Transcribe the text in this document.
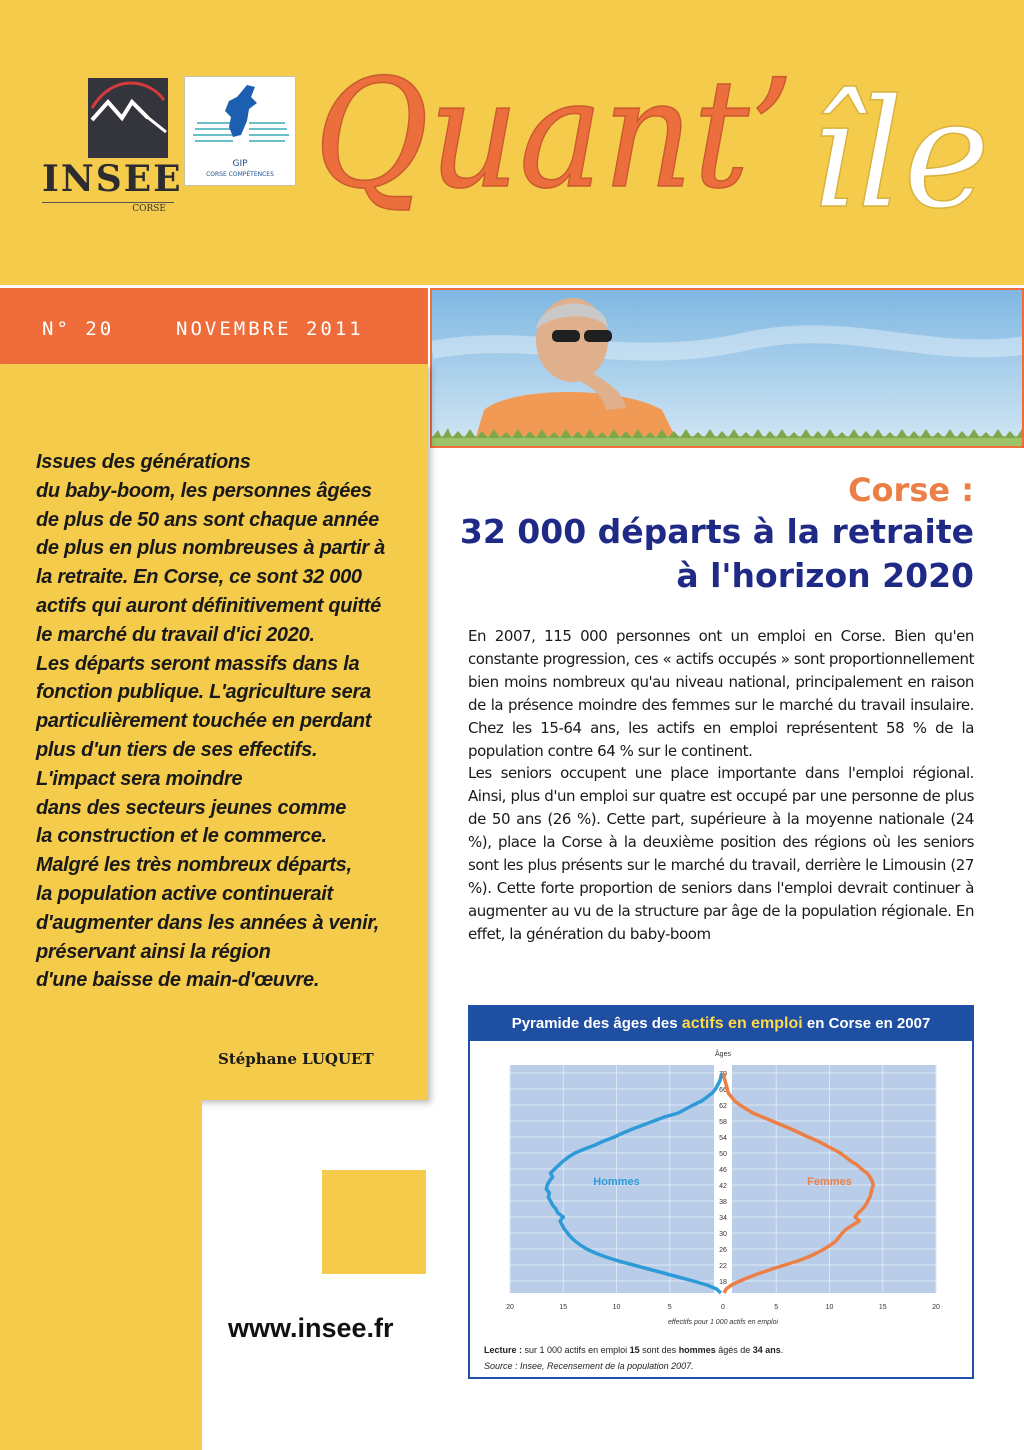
INSEE
CORSE
GIP
CORSE COMPÉTENCES Quant’ île
N° 20	NOVEMBRE 2011
Issues des générations
du baby-boom, les personnes âgées
de plus de 50 ans sont chaque année
de plus en plus nombreuses à partir à
la retraite. En Corse, ce sont 32 000
actifs qui auront définitivement quitté
le marché du travail d'ici 2020.
Les départs seront massifs dans la
fonction publique. L'agriculture sera
particulièrement touchée en perdant
plus d'un tiers de ses effectifs.
L'impact sera moindre
dans des secteurs jeunes comme
la construction et le commerce.
Malgré les très nombreux départs,
la population active continuerait
d'augmenter dans les années à venir,
préservant ainsi la région
d'une baisse de main-d'œuvre.
Stéphane LUQUET
www.insee.fr
Corse :
32 000 départs à la retraite
à l'horizon 2020

En 2007, 115 000 personnes ont un emploi en Corse. Bien qu'en constante progression, ces « actifs occupés » sont proportionnellement bien moins nombreux qu'au niveau national, principalement en raison de la présence moindre des femmes sur le marché du travail insulaire. Chez les 15-64 ans, les actifs en emploi représentent 58 % de la population contre 64 % sur le continent.

Les seniors occupent une place importante dans l'emploi régional. Ainsi, plus d'un emploi sur quatre est occupé par une personne de plus de 50 ans (26 %). Cette part, supérieure à la moyenne nationale (24 %), place la Corse à la deuxième position des régions où les seniors sont les plus présents sur le marché du travail, derrière le Limousin (27 %). Cette forte proportion de seniors dans l'emploi devrait continuer à augmenter au vu de la structure par âge de la population régionale. En effet, la génération du baby-boom

Pyramide des âges des actifs en emploi en Corse en 2007
18
22
26
30
34
38
42
46
50
54
58
62
66
70
Âges
Hommes	Femmes
20	15	10	5	0	5	10	15	20
effectifs pour 1 000 actifs en emploi
Lecture : sur 1 000 actifs en emploi 15 sont des hommes âgés de 34 ans.
Source : Insee, Recensement de la population 2007.
